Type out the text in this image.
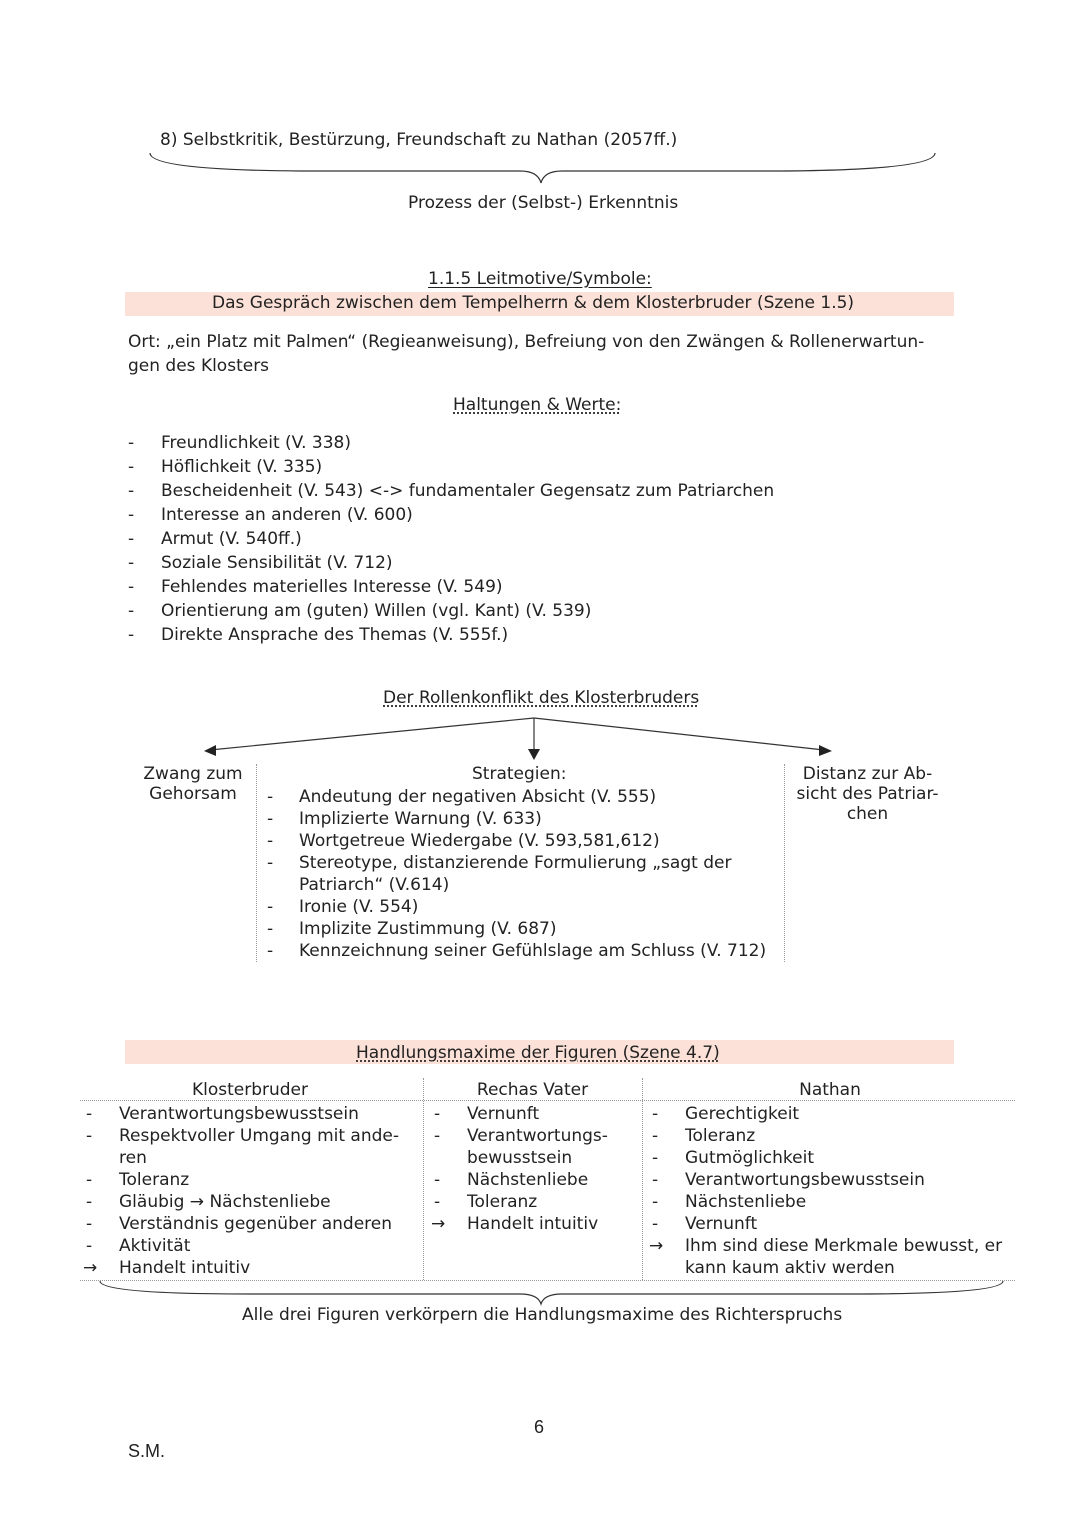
8) Selbstkritik, Bestürzung, Freundschaft zu Nathan (2057ff.)
Prozess der (Selbst-) Erkenntnis
1.1.5 Leitmotive/Symbole:
Das Gespräch zwischen dem Tempelherrn & dem Klosterbruder (Szene 1.5)
Ort: „ein Platz mit Palmen“ (Regieanweisung), Befreiung von den Zwängen & Rollenerwartun-
gen des Klosters
Haltungen & Werte:
- Freundlichkeit (V. 338)
- Höflichkeit (V. 335)
- Bescheidenheit (V. 543) <-> fundamentaler Gegensatz zum Patriarchen
- Interesse an anderen (V. 600)
- Armut (V. 540ff.)
- Soziale Sensibilität (V. 712)
- Fehlendes materielles Interesse (V. 549)
- Orientierung am (guten) Willen (vgl. Kant) (V. 539)
- Direkte Ansprache des Themas (V. 555f.)
Der Rollenkonflikt des Klosterbruders
Zwang zum
Gehorsam
Strategien:
- Andeutung der negativen Absicht (V. 555)
- Implizierte Warnung (V. 633)
- Wortgetreue Wiedergabe (V. 593,581,612)
- Stereotype, distanzierende Formulierung „sagt der
Patriarch“ (V.614)
- Ironie (V. 554)
- Implizite Zustimmung (V. 687)
- Kennzeichnung seiner Gefühlslage am Schluss (V. 712)
Distanz zur Ab-
sicht des Patriar-
chen
Handlungsmaxime der Figuren (Szene 4.7)
Klosterbruder	Rechas Vater	Nathan
- Verantwortungsbewusstsein
- Respektvoller Umgang mit ande-
ren
- Toleranz
- Gläubig → Nächstenliebe
- Verständnis gegenüber anderen
- Aktivität
→ Handelt intuitiv
- Vernunft
- Verantwortungs-
bewusstsein
- Nächstenliebe
- Toleranz
→ Handelt intuitiv
- Gerechtigkeit
- Toleranz
- Gutmöglichkeit
- Verantwortungsbewusstsein
- Nächstenliebe
- Vernunft
→ Ihm sind diese Merkmale bewusst, er
kann kaum aktiv werden
Alle drei Figuren verkörpern die Handlungsmaxime des Richterspruchs
6
S.M.
